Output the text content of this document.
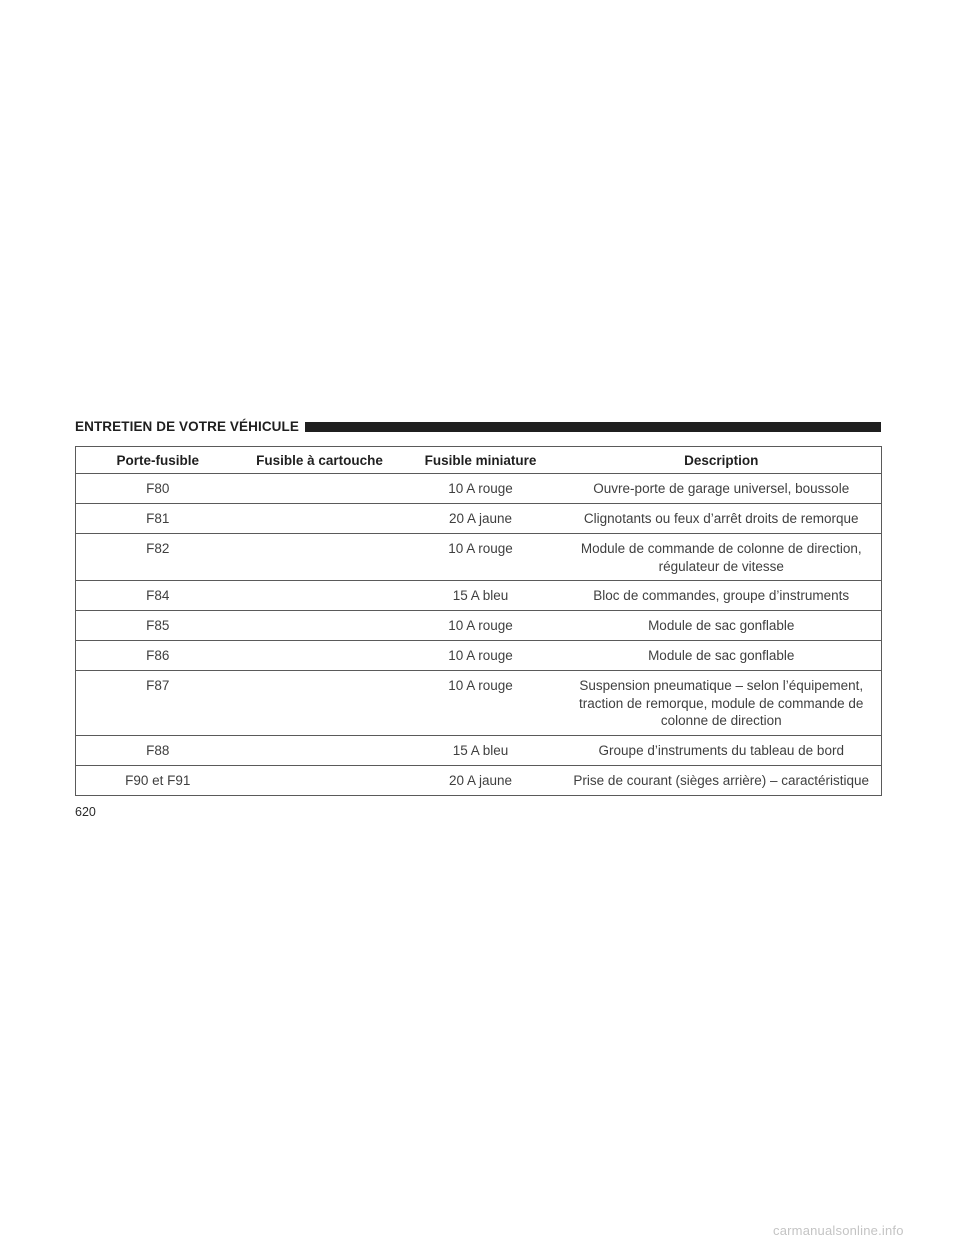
ENTRETIEN DE VOTRE VÉHICULE
Porte-fusible	Fusible à cartouche	Fusible miniature	Description
F80		10 A rouge	Ouvre-porte de garage universel, boussole

F81		20 A jaune	Clignotants ou feux d’arrêt droits de remorque

F82		10 A rouge	Module de commande de colonne de direction,
régulateur de vitesse

F84		15 A bleu	Bloc de commandes, groupe d’instruments

F85		10 A rouge	Module de sac gonflable

F86		10 A rouge	Module de sac gonflable

F87		10 A rouge	Suspension pneumatique – selon l’équipement,
traction de remorque, module de commande de
colonne de direction

F88		15 A bleu	Groupe d’instruments du tableau de bord

F90 et F91		20 A jaune	Prise de courant (sièges arrière) – caractéristique
620
carmanualsonline.info
